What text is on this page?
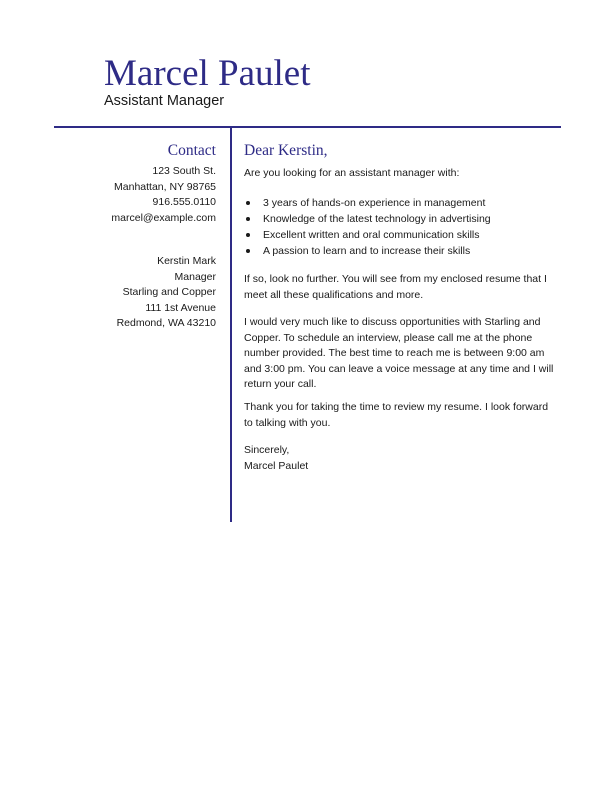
Marcel Paulet
Assistant Manager
Contact
123 South St.
Manhattan, NY 98765
916.555.0110
marcel@example.com
Kerstin Mark
Manager
Starling and Copper
111 1st Avenue
Redmond, WA 43210
Dear Kerstin,

Are you looking for an assistant manager with:

3 years of hands-on experience in management
Knowledge of the latest technology in advertising
Excellent written and oral communication skills
A passion to learn and to increase their skills

If so, look no further. You will see from my enclosed resume that I meet all these qualifications and more.

I would very much like to discuss opportunities with Starling and Copper. To schedule an interview, please call me at the phone number provided. The best time to reach me is between 9:00 am and 3:00 pm. You can leave a voice message at any time and I will return your call.

Thank you for taking the time to review my resume. I look forward to talking with you.

Sincerely,

Marcel Paulet
